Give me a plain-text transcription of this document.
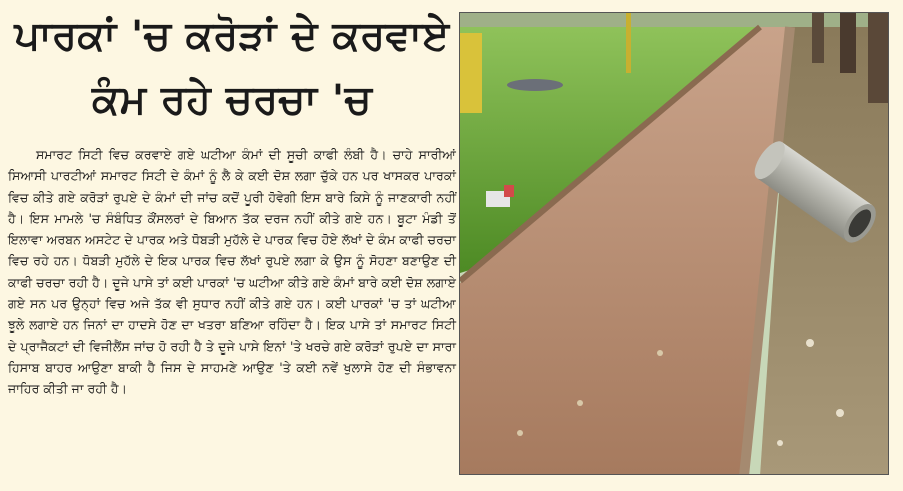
ਪਾਰਕਾਂ 'ਚ ਕਰੋੜਾਂ ਦੇ ਕਰਵਾਏ
ਕੰਮ ਰਹੇ ਚਰਚਾ 'ਚ

ਸਮਾਰਟ ਸਿਟੀ ਵਿਚ ਕਰਵਾਏ ਗਏ ਘਟੀਆ ਕੰਮਾਂ ਦੀ ਸੂਚੀ ਕਾਫੀ ਲੰਬੀ ਹੈ। ਚਾਹੇ ਸਾਰੀਆਂ ਸਿਆਸੀ ਪਾਰਟੀਆਂ ਸਮਾਰਟ ਸਿਟੀ ਦੇ ਕੰਮਾਂ ਨੂੰ ਲੈ ਕੇ ਕਈ ਦੋਸ਼ ਲਗਾ ਚੁੱਕੇ ਹਨ ਪਰ ਖਾਸਕਰ ਪਾਰਕਾਂ ਵਿਚ ਕੀਤੇ ਗਏ ਕਰੋੜਾਂ ਰੁਪਏ ਦੇ ਕੰਮਾਂ ਦੀ ਜਾਂਚ ਕਦੋਂ ਪੂਰੀ ਹੋਵੇਗੀ ਇਸ ਬਾਰੇ ਕਿਸੇ ਨੂੰ ਜਾਣਕਾਰੀ ਨਹੀਂ ਹੈ। ਇਸ ਮਾਮਲੇ 'ਚ ਸੰਬੰਧਿਤ ਕੌਂਸਲਰਾਂ ਦੇ ਬਿਆਨ ਤੱਕ ਦਰਜ ਨਹੀਂ ਕੀਤੇ ਗਏ ਹਨ। ਬੂਟਾ ਮੰਡੀ ਤੋਂ ਇਲਾਵਾ ਅਰਬਨ ਅਸਟੇਟ ਦੇ ਪਾਰਕ ਅਤੇ ਧੋਬੜੀ ਮੁਹੱਲੇ ਦੇ ਪਾਰਕ ਵਿਚ ਹੋਏ ਲੱਖਾਂ ਦੇ ਕੰਮ ਕਾਫੀ ਚਰਚਾ ਵਿਚ ਰਹੇ ਹਨ। ਧੋਬੜੀ ਮੁਹੱਲੇ ਦੇ ਇਕ ਪਾਰਕ ਵਿਚ ਲੱਖਾਂ ਰੁਪਏ ਲਗਾ ਕੇ ਉਸ ਨੂੰ ਸੋਹਣਾ ਬਣਾਉਣ ਦੀ ਕਾਫੀ ਚਰਚਾ ਰਹੀ ਹੈ। ਦੂਜੇ ਪਾਸੇ ਤਾਂ ਕਈ ਪਾਰਕਾਂ 'ਚ ਘਟੀਆ ਕੀਤੇ ਗਏ ਕੰਮਾਂ ਬਾਰੇ ਕਈ ਦੋਸ਼ ਲਗਾਏ ਗਏ ਸਨ ਪਰ ਉਨ੍ਹਾਂ ਵਿਚ ਅਜੇ ਤੱਕ ਵੀ ਸੁਧਾਰ ਨਹੀਂ ਕੀਤੇ ਗਏ ਹਨ। ਕਈ ਪਾਰਕਾਂ 'ਚ ਤਾਂ ਘਟੀਆ ਝੂਲੇ ਲਗਾਏ ਹਨ ਜਿਨਾਂ ਦਾ ਹਾਦਸੇ ਹੋਣ ਦਾ ਖਤਰਾ ਬਣਿਆ ਰਹਿੰਦਾ ਹੈ। ਇਕ ਪਾਸੇ ਤਾਂ ਸਮਾਰਟ ਸਿਟੀ ਦੇ ਪ੍ਰਾਜੈਕਟਾਂ ਦੀ ਵਿਜੀਲੈਂਸ ਜਾਂਚ ਹੋ ਰਹੀ ਹੈ ਤੇ ਦੂਜੇ ਪਾਸੇ ਇਨਾਂ 'ਤੇ ਖਰਚੇ ਗਏ ਕਰੋੜਾਂ ਰੁਪਏ ਦਾ ਸਾਰਾ ਹਿਸਾਬ ਬਾਹਰ ਆਉਣਾ ਬਾਕੀ ਹੈ ਜਿਸ ਦੇ ਸਾਹਮਣੇ ਆਉਣ 'ਤੇ ਕਈ ਨਵੇਂ ਖੁਲਾਸੇ ਹੋਣ ਦੀ ਸੰਭਾਵਨਾ ਜਾਹਿਰ ਕੀਤੀ ਜਾ ਰਹੀ ਹੈ।
